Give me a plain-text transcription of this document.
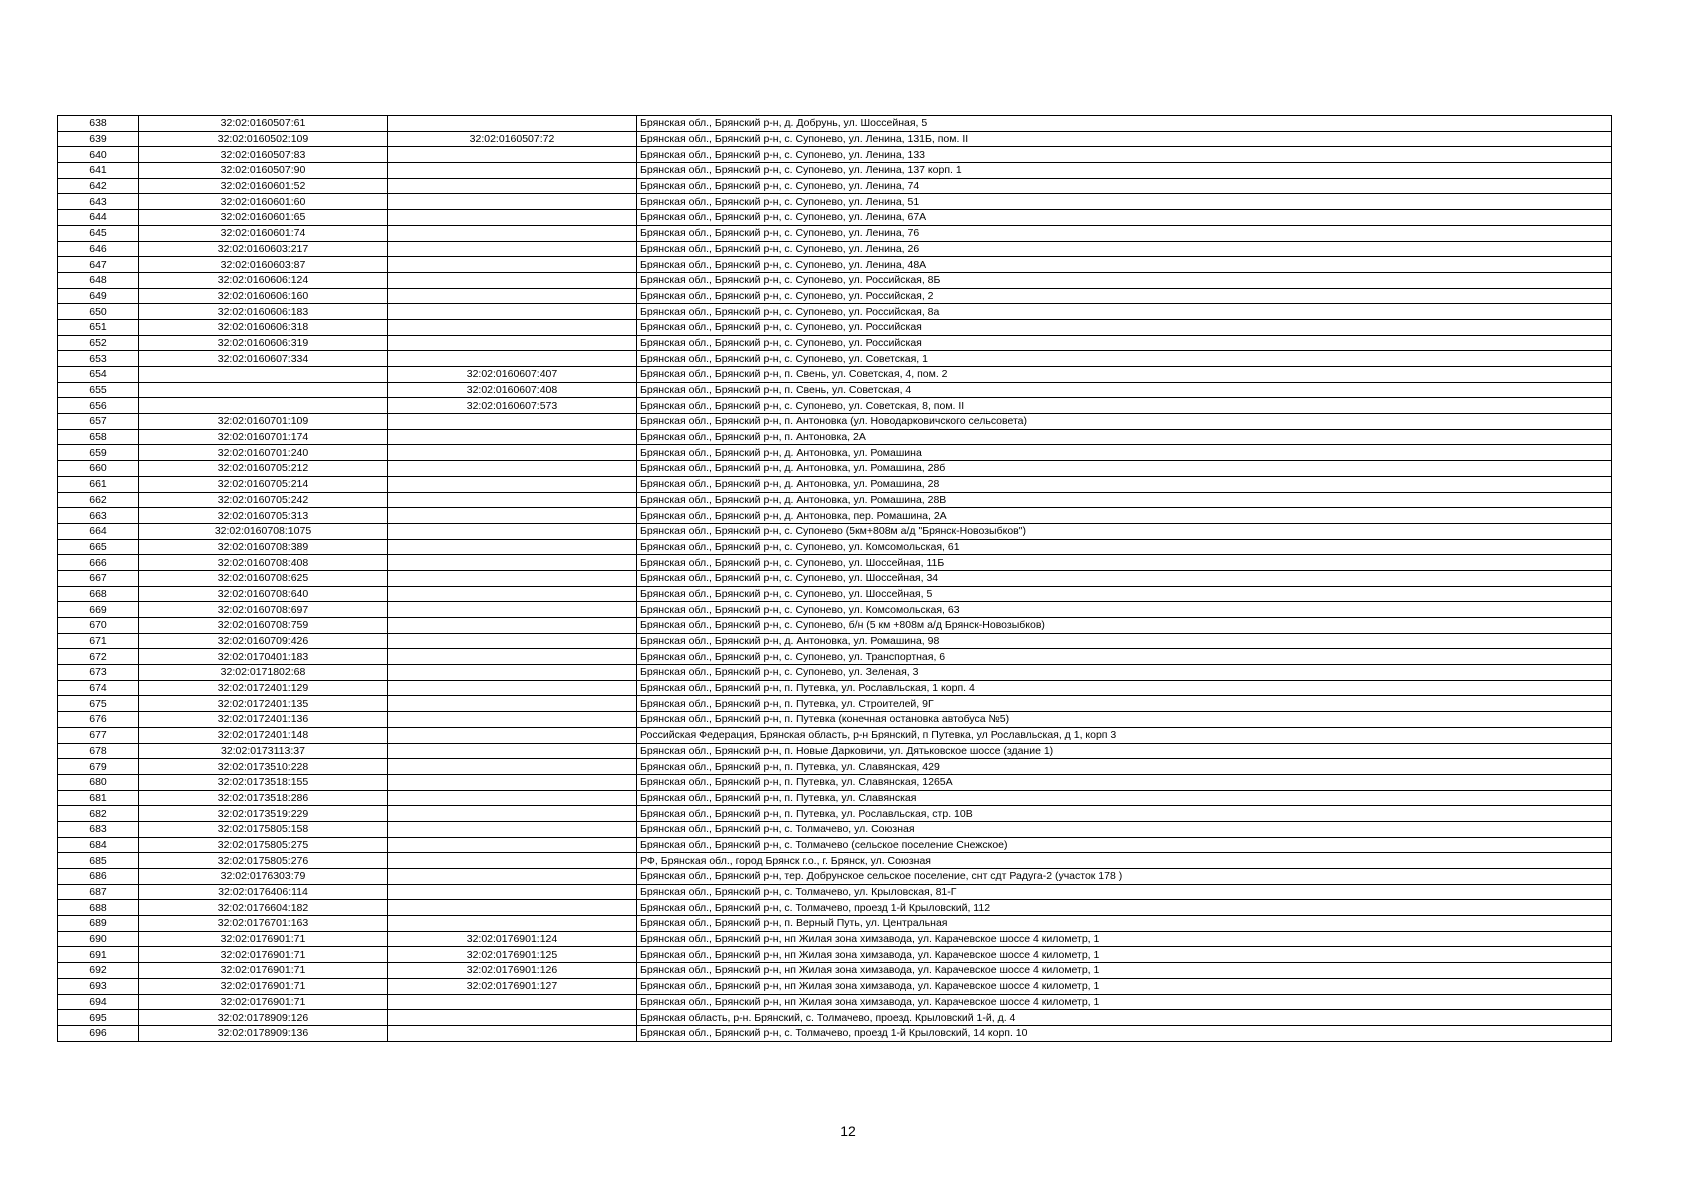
638	32:02:0160507:61		Брянская обл., Брянский р-н, д. Добрунь, ул. Шоссейная, 5
639	32:02:0160502:109	32:02:0160507:72	Брянская обл., Брянский р-н, с. Супонево, ул. Ленина, 131Б, пом. II
640	32:02:0160507:83		Брянская обл., Брянский р-н, с. Супонево, ул. Ленина, 133
641	32:02:0160507:90		Брянская обл., Брянский р-н, с. Супонево, ул. Ленина, 137 корп. 1
642	32:02:0160601:52		Брянская обл., Брянский р-н, с. Супонево, ул. Ленина, 74
643	32:02:0160601:60		Брянская обл., Брянский р-н, с. Супонево, ул. Ленина, 51
644	32:02:0160601:65		Брянская обл., Брянский р-н, с. Супонево, ул. Ленина, 67А
645	32:02:0160601:74		Брянская обл., Брянский р-н, с. Супонево, ул. Ленина, 76
646	32:02:0160603:217		Брянская обл., Брянский р-н, с. Супонево, ул. Ленина, 26
647	32:02:0160603:87		Брянская обл., Брянский р-н, с. Супонево, ул. Ленина, 48А
648	32:02:0160606:124		Брянская обл., Брянский р-н, с. Супонево, ул. Российская, 8Б
649	32:02:0160606:160		Брянская обл., Брянский р-н, с. Супонево, ул. Российская, 2
650	32:02:0160606:183		Брянская обл., Брянский р-н, с. Супонево, ул. Российская, 8а
651	32:02:0160606:318		Брянская обл., Брянский р-н, с. Супонево, ул. Российская
652	32:02:0160606:319		Брянская обл., Брянский р-н, с. Супонево, ул. Российская
653	32:02:0160607:334		Брянская обл., Брянский р-н, с. Супонево, ул. Советская, 1
654		32:02:0160607:407	Брянская обл., Брянский р-н, п. Свень, ул. Советская, 4, пом. 2
655		32:02:0160607:408	Брянская обл., Брянский р-н, п. Свень, ул. Советская, 4
656		32:02:0160607:573	Брянская обл., Брянский р-н, с. Супонево, ул. Советская, 8, пом. II
657	32:02:0160701:109		Брянская обл., Брянский р-н, п. Антоновка (ул. Новодарковичского сельсовета)
658	32:02:0160701:174		Брянская обл., Брянский р-н, п. Антоновка, 2А
659	32:02:0160701:240		Брянская обл., Брянский р-н, д. Антоновка, ул. Ромашина
660	32:02:0160705:212		Брянская обл., Брянский р-н, д. Антоновка, ул. Ромашина, 28б
661	32:02:0160705:214		Брянская обл., Брянский р-н, д. Антоновка, ул. Ромашина, 28
662	32:02:0160705:242		Брянская обл., Брянский р-н, д. Антоновка, ул. Ромашина, 28В
663	32:02:0160705:313		Брянская обл., Брянский р-н, д. Антоновка, пер. Ромашина, 2А
664	32:02:0160708:1075		Брянская обл., Брянский р-н, с. Супонево (5км+808м а/д "Брянск-Новозыбков")
665	32:02:0160708:389		Брянская обл., Брянский р-н, с. Супонево, ул. Комсомольская, 61
666	32:02:0160708:408		Брянская обл., Брянский р-н, с. Супонево, ул. Шоссейная, 11Б
667	32:02:0160708:625		Брянская обл., Брянский р-н, с. Супонево, ул. Шоссейная, 34
668	32:02:0160708:640		Брянская обл., Брянский р-н, с. Супонево, ул. Шоссейная, 5
669	32:02:0160708:697		Брянская обл., Брянский р-н, с. Супонево, ул. Комсомольская, 63
670	32:02:0160708:759		Брянская обл., Брянский р-н, с. Супонево, б/н (5 км +808м а/д Брянск-Новозыбков)
671	32:02:0160709:426		Брянская обл., Брянский р-н, д. Антоновка, ул. Ромашина, 98
672	32:02:0170401:183		Брянская обл., Брянский р-н, с. Супонево, ул. Транспортная, 6
673	32:02:0171802:68		Брянская обл., Брянский р-н, с. Супонево, ул. Зеленая, 3
674	32:02:0172401:129		Брянская обл., Брянский р-н, п. Путевка, ул. Рославльская, 1 корп. 4
675	32:02:0172401:135		Брянская обл., Брянский р-н, п. Путевка, ул. Строителей, 9Г
676	32:02:0172401:136		Брянская обл., Брянский р-н, п. Путевка (конечная остановка автобуса №5)
677	32:02:0172401:148		Российская Федерация, Брянская область, р-н Брянский, п Путевка, ул Рославльская, д 1, корп 3
678	32:02:0173113:37		Брянская обл., Брянский р-н, п. Новые Дарковичи, ул. Дятьковское шоссе (здание 1)
679	32:02:0173510:228		Брянская обл., Брянский р-н, п. Путевка, ул. Славянская, 429
680	32:02:0173518:155		Брянская обл., Брянский р-н, п. Путевка, ул. Славянская, 1265А
681	32:02:0173518:286		Брянская обл., Брянский р-н, п. Путевка, ул. Славянская
682	32:02:0173519:229		Брянская обл., Брянский р-н, п. Путевка, ул. Рославльская, стр. 10В
683	32:02:0175805:158		Брянская обл., Брянский р-н, с. Толмачево, ул. Союзная
684	32:02:0175805:275		Брянская обл., Брянский р-н, с. Толмачево (сельское поселение Снежское)
685	32:02:0175805:276		РФ, Брянская обл., город Брянск г.о., г. Брянск, ул. Союзная
686	32:02:0176303:79		Брянская обл., Брянский р-н, тер. Добрунское сельское поселение, снт сдт Радуга-2 (участок 178 )
687	32:02:0176406:114		Брянская обл., Брянский р-н, с. Толмачево, ул. Крыловская, 81-Г
688	32:02:0176604:182		Брянская обл., Брянский р-н, с. Толмачево, проезд 1-й Крыловский, 112
689	32:02:0176701:163		Брянская обл., Брянский р-н, п. Верный Путь, ул. Центральная
690	32:02:0176901:71	32:02:0176901:124	Брянская обл., Брянский р-н, нп Жилая зона химзавода, ул. Карачевское шоссе 4 километр, 1
691	32:02:0176901:71	32:02:0176901:125	Брянская обл., Брянский р-н, нп Жилая зона химзавода, ул. Карачевское шоссе 4 километр, 1
692	32:02:0176901:71	32:02:0176901:126	Брянская обл., Брянский р-н, нп Жилая зона химзавода, ул. Карачевское шоссе 4 километр, 1
693	32:02:0176901:71	32:02:0176901:127	Брянская обл., Брянский р-н, нп Жилая зона химзавода, ул. Карачевское шоссе 4 километр, 1
694	32:02:0176901:71		Брянская обл., Брянский р-н, нп Жилая зона химзавода, ул. Карачевское шоссе 4 километр, 1
695	32:02:0178909:126		Брянская область, р-н. Брянский, с. Толмачево, проезд. Крыловский 1-й, д. 4
696	32:02:0178909:136		Брянская обл., Брянский р-н, с. Толмачево, проезд 1-й Крыловский, 14 корп. 10
12
